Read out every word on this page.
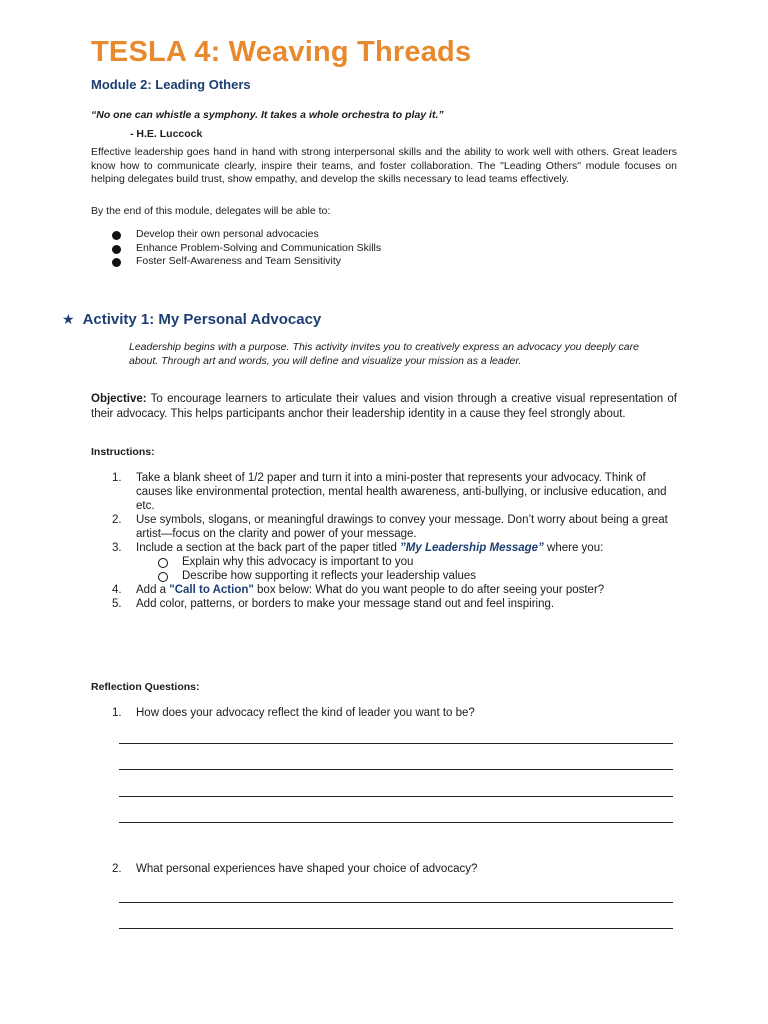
TESLA 4: Weaving Threads
Module 2: Leading Others

“No one can whistle a symphony. It takes a whole orchestra to play it.”

- H.E. Luccock

Effective leadership goes hand in hand with strong interpersonal skills and the ability to work well with others. Great leaders know how to communicate clearly, inspire their teams, and foster collaboration. The "Leading Others" module focuses on helping delegates build trust, show empathy, and develop the skills necessary to lead teams effectively.

By the end of this module, delegates will be able to:

Develop their own personal advocacies
Enhance Problem-Solving and Communication Skills
Foster Self-Awareness and Team Sensitivity
★ Activity 1: My Personal Advocacy

Leadership begins with a purpose. This activity invites you to creatively express an advocacy you deeply care about. Through art and words, you will define and visualize your mission as a leader.

Objective: To encourage learners to articulate their values and vision through a creative visual representation of their advocacy. This helps participants anchor their leadership identity in a cause they feel strongly about.

Instructions:

1. Take a blank sheet of 1/2 paper and turn it into a mini-poster that represents your advocacy. Think of causes like environmental protection, mental health awareness, anti-bullying, or inclusive education, and etc.
2. Use symbols, slogans, or meaningful drawings to convey your message. Don’t worry about being a great artist—focus on the clarity and power of your message.
3. Include a section at the back part of the paper titled ”My Leadership Message” where you:
Explain why this advocacy is important to you
Describe how supporting it reflects your leadership values
4. Add a "Call to Action" box below: What do you want people to do after seeing your poster?
5. Add color, patterns, or borders to make your message stand out and feel inspiring.

Reflection Questions:

1. How does your advocacy reflect the kind of leader you want to be?

2. What personal experiences have shaped your choice of advocacy?
